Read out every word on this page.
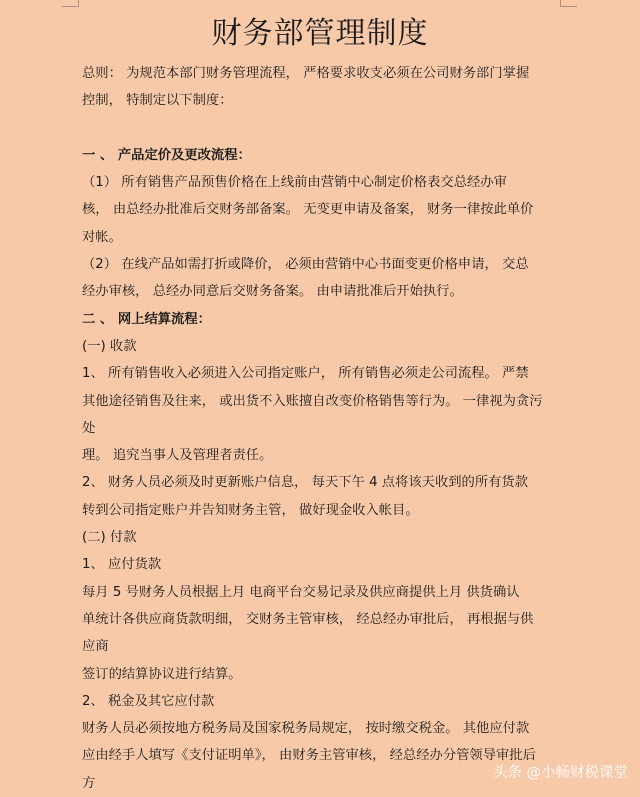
财务部管理制度
总则： 为规范本部门财务管理流程， 严格要求收支必须在公司财务部门掌握
控制， 特制定以下制度：
一 、 产品定价及更改流程：
（1） 所有销售产品预售价格在上线前由营销中心制定价格表交总经办审
核， 由总经办批准后交财务部备案。 无变更申请及备案， 财务一律按此单价
对帐。
（2） 在线产品如需打折或降价， 必须由营销中心书面变更价格申请， 交总
经办审核， 总经办同意后交财务备案。 由申请批准后开始执行。
二 、 网上结算流程：
(一) 收款
1、 所有销售收入必须进入公司指定账户， 所有销售必须走公司流程。 严禁
其他途径销售及往来， 或出货不入账擅自改变价格销售等行为。 一律视为贪污
处
理。 追究当事人及管理者责任。
2、 财务人员必须及时更新账户信息， 每天下午 4 点将该天收到的所有货款
转到公司指定账户并告知财务主管， 做好现金收入帐目。
(二) 付款
1、 应付货款
每月 5 号财务人员根据上月 电商平台交易记录及供应商提供上月 供货确认
单统计各供应商货款明细， 交财务主管审核， 经总经办审批后， 再根据与供
应商
签订的结算协议进行结算。
2、 税金及其它应付款
财务人员必须按地方税务局及国家税务局规定， 按时缴交税金。 其他应付款
应由经手人填写《支付证明单》， 由财务主管审核， 经总经办分管领导审批后
方
头条 @小畅财税课堂
